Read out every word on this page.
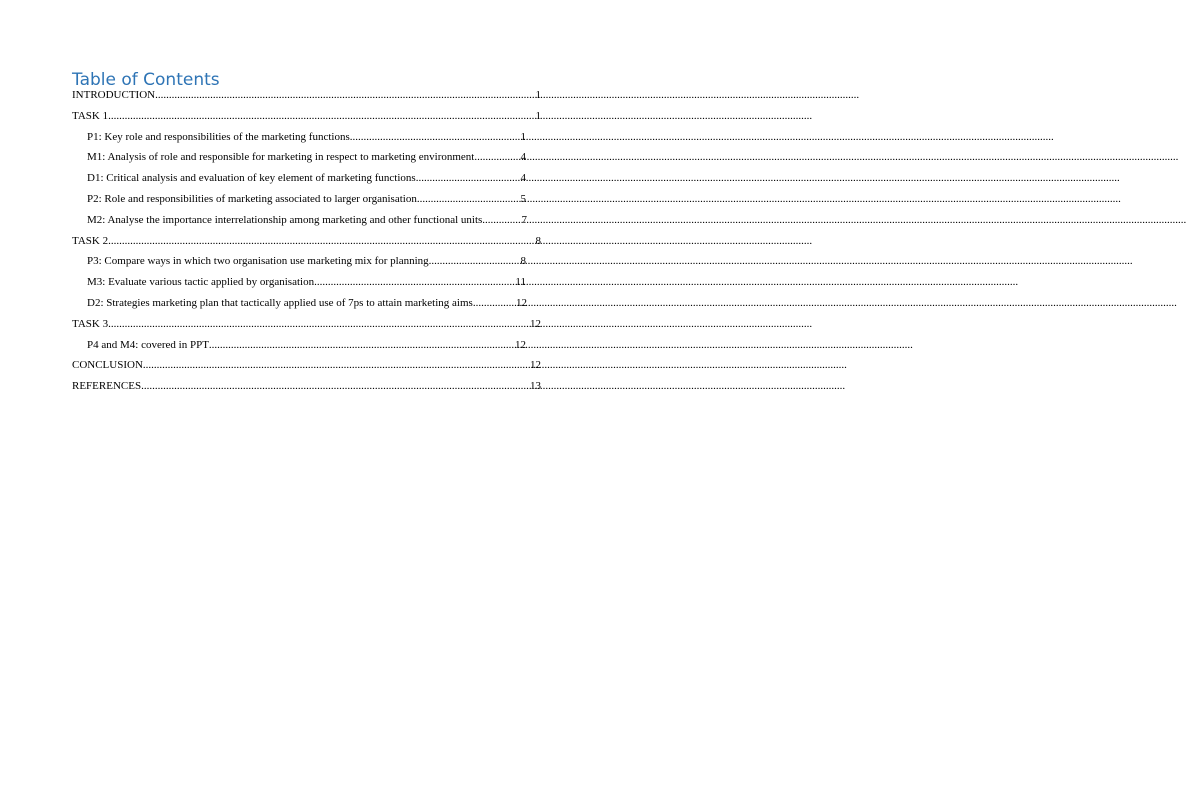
Table of Contents
INTRODUCTION .....	1
TASK 1 .....	1
P1: Key role and responsibilities of the marketing functions .....	1
M1: Analysis of role and responsible for marketing in respect to marketing environment .....	4
D1: Critical analysis and evaluation of key element of marketing functions .....	4
P2: Role and responsibilities of marketing associated to larger organisation .....	5
M2: Analyse the importance interrelationship among marketing and other functional units .....	7
TASK 2 .....	8
P3: Compare ways in which two organisation use marketing mix for planning .....	8
M3: Evaluate various tactic applied by organisation .....	11
D2: Strategies marketing plan that tactically applied use of 7ps to attain marketing aims .....	12
TASK 3 .....	12
P4 and M4: covered in PPT .....	12
CONCLUSION .....	12
REFERENCES .....	13
